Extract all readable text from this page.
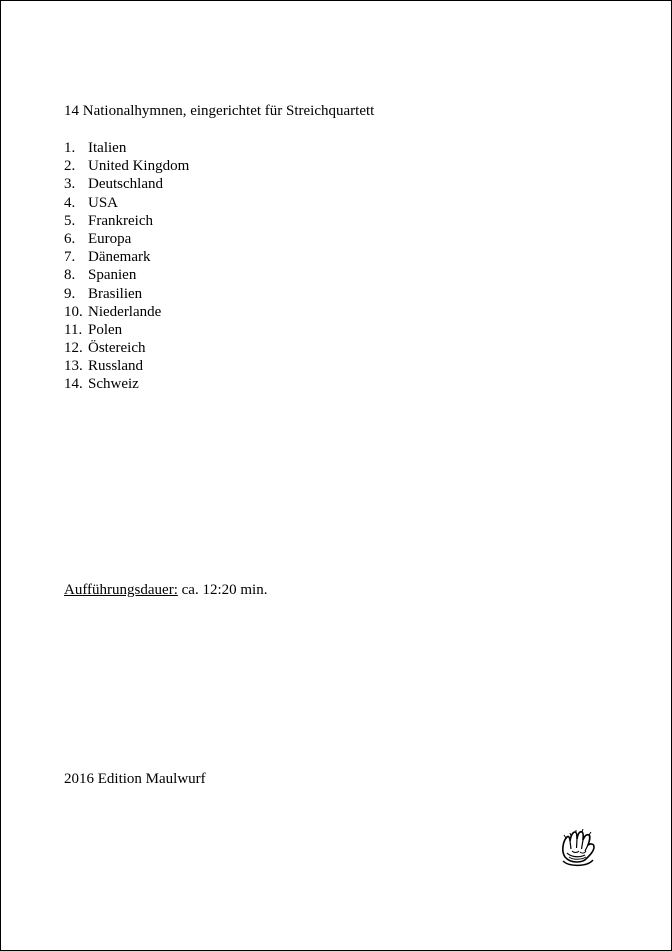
14 Nationalhymnen, eingerichtet für Streichquartett
1. Italien
2. United Kingdom
3. Deutschland
4. USA
5. Frankreich
6. Europa
7. Dänemark
8. Spanien
9. Brasilien
10. Niederlande
11. Polen
12. Östereich
13. Russland
14. Schweiz
Aufführungsdauer: ca. 12:20 min.
2016 Edition Maulwurf
